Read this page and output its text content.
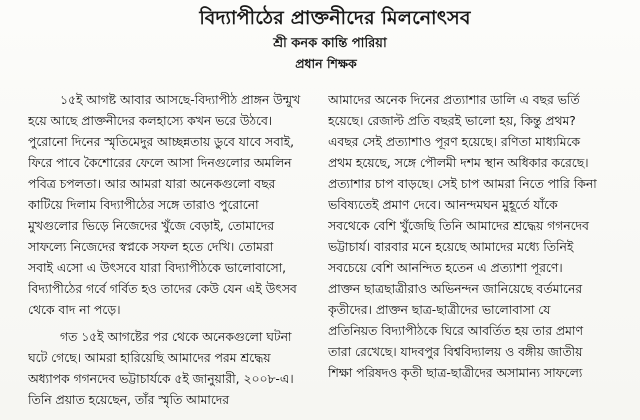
বিদ্যাপীঠের প্রাক্তনীদের মিলনোৎসব
শ্রী কনক কান্তি পারিয়া
প্রধান শিক্ষক
১৫ই আগষ্ট আবার আসছে-বিদ্যাপীঠ প্রাঙ্গন উন্মুখ
হয়ে আছে প্রাক্তনীদের কলহাস্যে কখন ভরে উঠবে।
পুরোনো দিনের স্মৃতিমেদুর আচ্ছন্নতায় ডুবে যাবে সবাই,
ফিরে পাবে কৈশোরের ফেলে আসা দিনগুলোর অমলিন
পবিত্র চপলতা। আর আমরা যারা অনেকগুলো বছর
কাটিয়ে দিলাম বিদ্যাপীঠের সঙ্গে তারাও পুরোনো
মুখগুলোর ভিড়ে নিজেদের খুঁজে বেড়াই, তোমাদের
সাফল্যে নিজেদের স্বপ্নকে সফল হতে দেখি। তোমরা
সবাই এসো এ উৎসবে যারা বিদ্যাপীঠকে ভালোবাসো,
বিদ্যাপীঠের গর্বে গর্বিত হও তাদের কেউ যেন এই উৎসব
থেকে বাদ না পড়ে।
গত ১৫ই আগষ্টের পর থেকে অনেকগুলো ঘটনা
ঘটে গেছে। আমরা হারিয়েছি আমাদের পরম শ্রদ্ধেয়
অধ্যাপক গগনদেব ভট্টাচার্যকে ৫ই জানুয়ারী, ২০০৮-এ।
তিনি প্রয়াত হয়েছেন, তাঁর স্মৃতি আমাদের
আমাদের অনেক দিনের প্রত্যাশার ডালি এ বছর ভর্তি
হয়েছে। রেজাল্ট প্রতি বছরই ভালো হয়, কিন্তু প্রথম?
এবছর সেই প্রত্যাশাও পূরণ হয়েছে। রণিতা মাধ্যমিকে
প্রথম হয়েছে, সঙ্গে পৌলমী দশম স্থান অধিকার করেছে।
প্রত্যাশার চাপ বাড়ছে। সেই চাপ আমরা নিতে পারি কিনা
ভবিষ্যতেই প্রমাণ দেবে। আনন্দমঘন মুহূর্তে যাঁকে
সবথেকে বেশি খুঁজেছি তিনি আমাদের শ্রদ্ধেয় গগনদেব
ভট্টাচার্য। বারবার মনে হয়েছে আমাদের মধ্যে তিনিই
সবচেয়ে বেশি আনন্দিত হতেন এ প্রত্যাশা পূরণে।
প্রাক্তন ছাত্রছাত্রীরাও অভিনন্দন জানিয়েছে বর্তমানের
কৃতীদের। প্রাক্তন ছাত্র-ছাত্রীদের ভালোবাসা যে
প্রতিনিয়ত বিদ্যাপীঠকে ঘিরে আবর্তিত হয় তার প্রমাণ
তারা রেখেছে। যাদবপুর বিশ্ববিদ্যালয় ও বঙ্গীয় জাতীয়
শিক্ষা পরিষদও কৃতী ছাত্র-ছাত্রীদের অসামান্য সাফল্যে
